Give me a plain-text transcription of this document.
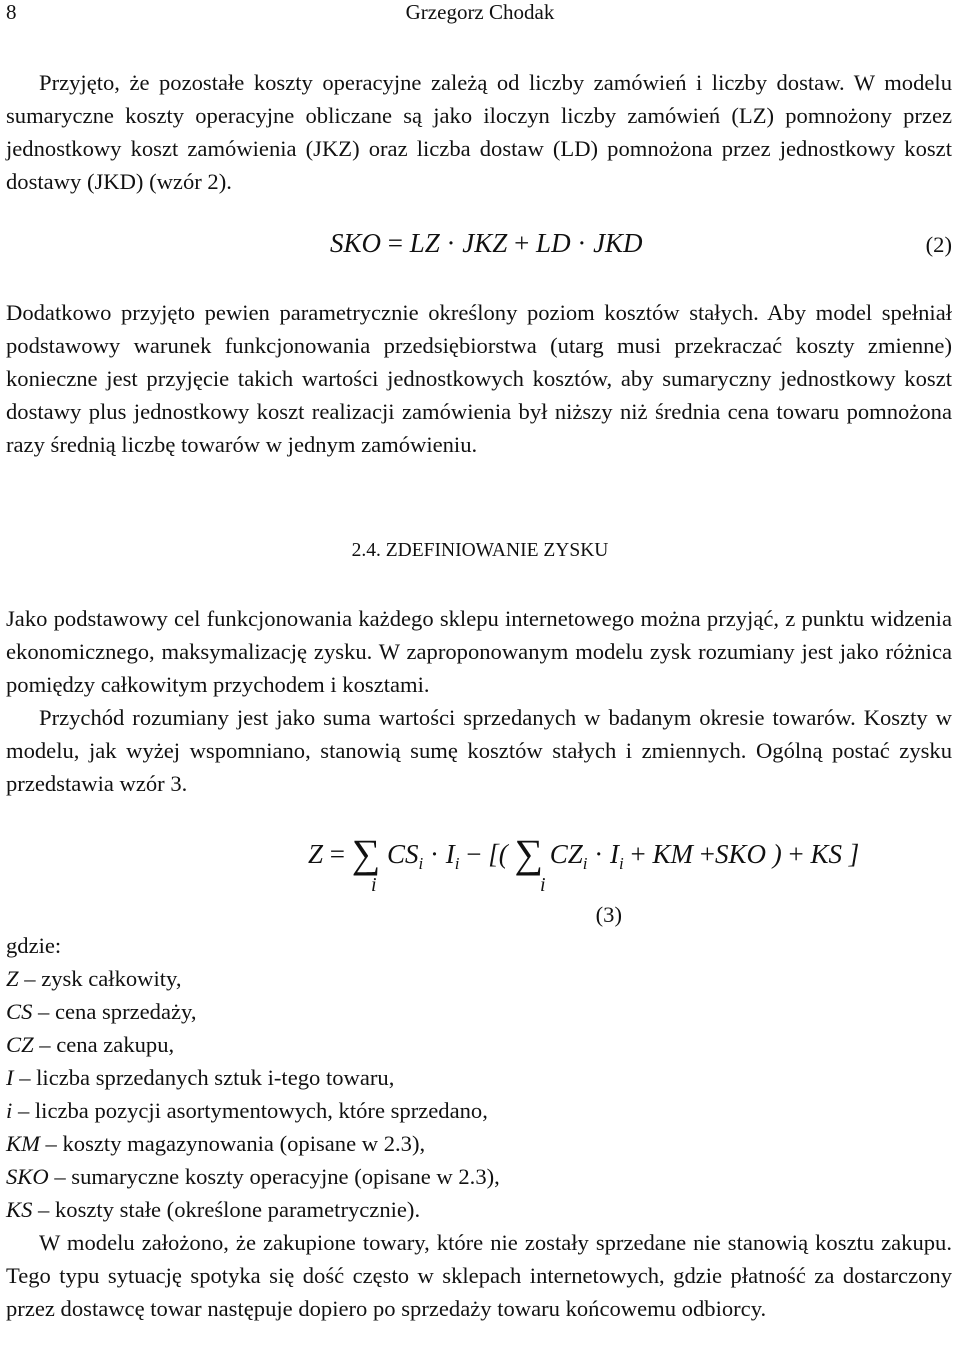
8	Grzegorz Chodak

Przyjęto, że pozostałe koszty operacyjne zależą od liczby zamówień i liczby dostaw. W modelu sumaryczne koszty operacyjne obliczane są jako iloczyn liczby zamówień (LZ) pomnożony przez jednostkowy koszt zamówienia (JKZ) oraz liczba dostaw (LD) pomnożona przez jednostkowy koszt dostawy (JKD) (wzór 2).

SKO = LZ · JKZ + LD · JKD	(2)

Dodatkowo przyjęto pewien parametrycznie określony poziom kosztów stałych. Aby model spełniał podstawowy warunek funkcjonowania przedsiębiorstwa (utarg musi przekraczać koszty zmienne) konieczne jest przyjęcie takich wartości jednostkowych kosztów, aby sumaryczny jednostkowy koszt dostawy plus jednostkowy koszt realizacji zamówienia był niższy niż średnia cena towaru pomnożona razy średnią liczbę towarów w jednym zamówieniu.

2.4. ZDEFINIOWANIE ZYSKU

Jako podstawowy cel funkcjonowania każdego sklepu internetowego można przyjąć, z punktu widzenia ekonomicznego, maksymalizację zysku. W zaproponowanym modelu zysk rozumiany jest jako różnica pomiędzy całkowitym przychodem i kosztami.

Przychód rozumiany jest jako suma wartości sprzedanych w badanym okresie towarów. Koszty w modelu, jak wyżej wspomniano, stanowią sumę kosztów stałych i zmiennych. Ogólną postać zysku przedstawia wzór 3.

Z = ∑ $CS_i \cdot I_i$ − [( ∑ $CZ_i \cdot I_i$ + KM +SKO ) + KS ]
i	i
(3)
gdzie:
Z – zysk całkowity,
CS – cena sprzedaży,
CZ – cena zakupu,
I – liczba sprzedanych sztuk i-tego towaru,
i – liczba pozycji asortymentowych, które sprzedano,
KM – koszty magazynowania (opisane w 2.3),
SKO – sumaryczne koszty operacyjne (opisane w 2.3),
KS – koszty stałe (określone parametrycznie).

W modelu założono, że zakupione towary, które nie zostały sprzedane nie stanowią kosztu zakupu. Tego typu sytuację spotyka się dość często w sklepach internetowych, gdzie płatność za dostarczony przez dostawcę towar następuje dopiero po sprzedaży towaru końcowemu odbiorcy.
